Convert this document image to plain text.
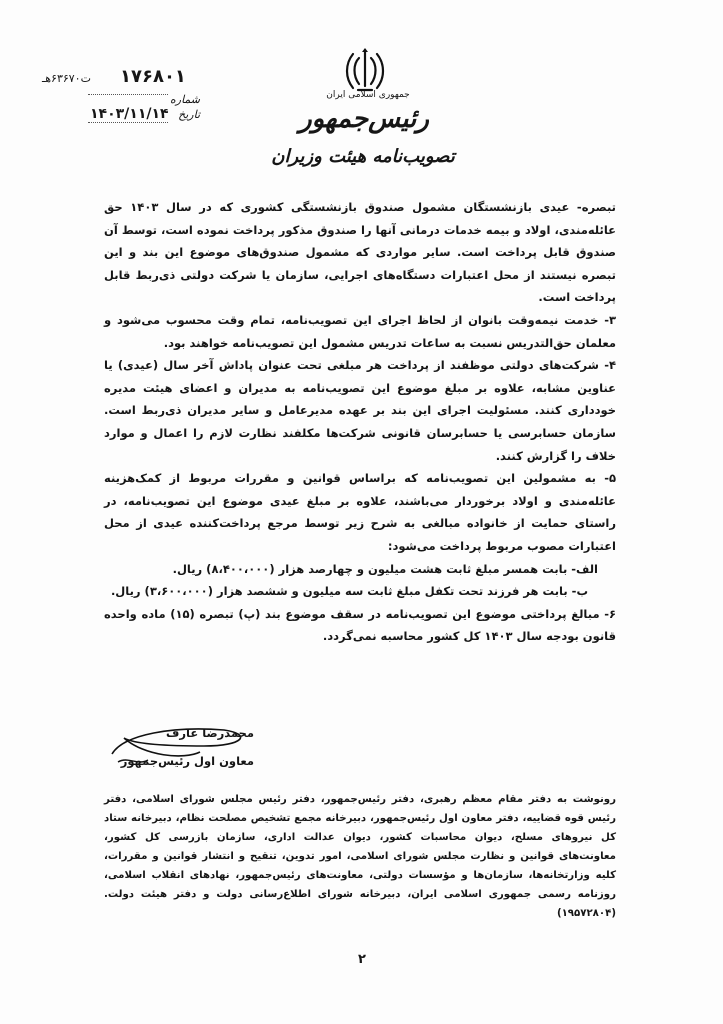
جمهوری اسلامی ایران
رئیس‌جمهور
تصویب‌نامه هیئت وزیران
۱۷۶۸۰۱
ت۶۳۶۷۰هـ
شماره
تاریخ
۱۴۰۳/۱۱/۱۴

تبصره- عیدی بازنشستگان مشمول صندوق بازنشستگی کشوری که در سال ۱۴۰۳ حق عائله‌مندی، اولاد و بیمه خدمات درمانی آنها را صندوق مذکور پرداخت نموده است، توسط آن صندوق قابل پرداخت است. سایر مواردی که مشمول صندوق‌های موضوع این بند و این تبصره نیستند از محل اعتبارات دستگاه‌های اجرایی، سازمان یا شرکت دولتی ذی‌ربط قابل پرداخت است.

۳- خدمت نیمه‌وقت بانوان از لحاظ اجرای این تصویب‌نامه، تمام وقت محسوب می‌شود و معلمان حق‌التدریس نسبت به ساعات تدریس مشمول این تصویب‌نامه خواهند بود.

۴- شرکت‌های دولتی موظفند از پرداخت هر مبلغی تحت عنوان پاداش آخر سال (عیدی) یا عناوین مشابه، علاوه بر مبلغ موضوع این تصویب‌نامه به مدیران و اعضای هیئت مدیره خودداری کنند. مسئولیت اجرای این بند بر عهده مدیرعامل و سایر مدیران ذی‌ربط است. سازمان حسابرسی یا حسابرسان قانونی شرکت‌ها مکلفند نظارت لازم را اعمال و موارد خلاف را گزارش کنند.

۵- به مشمولین این تصویب‌نامه که براساس قوانین و مقررات مربوط از کمک‌هزینه عائله‌مندی و اولاد برخوردار می‌باشند، علاوه بر مبلغ عیدی موضوع این تصویب‌نامه، در راستای حمایت از خانواده مبالغی به شرح زیر توسط مرجع پرداخت‌کننده عیدی از محل اعتبارات مصوب مربوط پرداخت می‌شود:

الف- بابت همسر مبلغ ثابت هشت میلیون و چهارصد هزار (۸،۴۰۰،۰۰۰) ریال.

ب- بابت هر فرزند تحت تکفل مبلغ ثابت سه میلیون و ششصد هزار (۳،۶۰۰،۰۰۰) ریال.

۶- مبالغ پرداختی موضوع این تصویب‌نامه در سقف موضوع بند (پ) تبصره (۱۵) ماده واحده قانون بودجه سال ۱۴۰۳ کل کشور محاسبه نمی‌گردد.

محمدرضا عارف
معاون اول رئیس‌جمهور
رونوشت به دفتر مقام معظم رهبری، دفتر رئیس‌جمهور، دفتر رئیس مجلس شورای اسلامی، دفتر رئیس قوه قضاییه، دفتر معاون اول رئیس‌جمهور، دبیرخانه مجمع تشخیص مصلحت نظام، دبیرخانه ستاد کل نیروهای مسلح، دیوان محاسبات کشور، دیوان عدالت اداری، سازمان بازرسی کل کشور، معاونت‌های قوانین و نظارت مجلس شورای اسلامی، امور تدوین، تنقیح و انتشار قوانین و مقررات، کلیه وزارتخانه‌ها، سازمان‌ها و مؤسسات دولتی، معاونت‌های رئیس‌جمهور، نهادهای انقلاب اسلامی، روزنامه رسمی جمهوری اسلامی ایران، دبیرخانه شورای اطلاع‌رسانی دولت و دفتر هیئت دولت. (۱۹۵۷۲۸۰۴)
۲
